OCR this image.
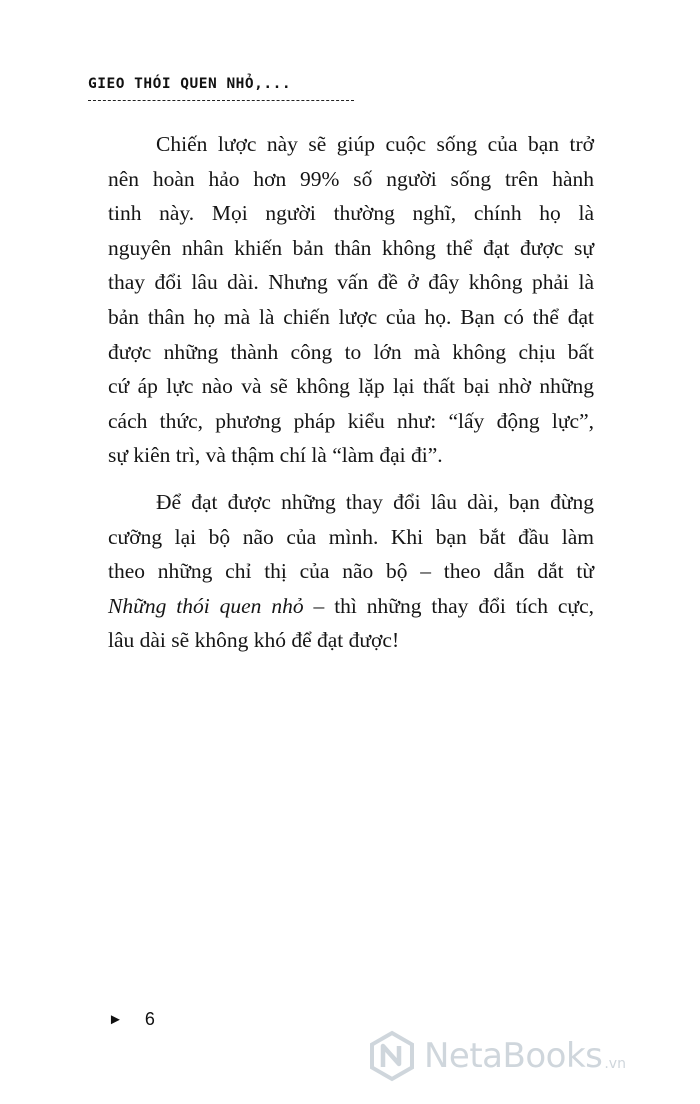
GIEO THÓI QUEN NHỎ,...
Chiến lược này sẽ giúp cuộc sống của bạn trở
nên hoàn hảo hơn 99% số người sống trên hành
tinh này. Mọi người thường nghĩ, chính họ là
nguyên nhân khiến bản thân không thể đạt được sự
thay đổi lâu dài. Nhưng vấn đề ở đây không phải là
bản thân họ mà là chiến lược của họ. Bạn có thể đạt
được những thành công to lớn mà không chịu bất
cứ áp lực nào và sẽ không lặp lại thất bại nhờ những
cách thức, phương pháp kiểu như: “lấy động lực”,
sự kiên trì, và thậm chí là “làm đại đi”.
Để đạt được những thay đổi lâu dài, bạn đừng
cưỡng lại bộ não của mình. Khi bạn bắt đầu làm
theo những chỉ thị của não bộ – theo dẫn dắt từ
Những thói quen nhỏ – thì những thay đổi tích cực,
lâu dài sẽ không khó để đạt được!
► 6
NetaBooks .vn
